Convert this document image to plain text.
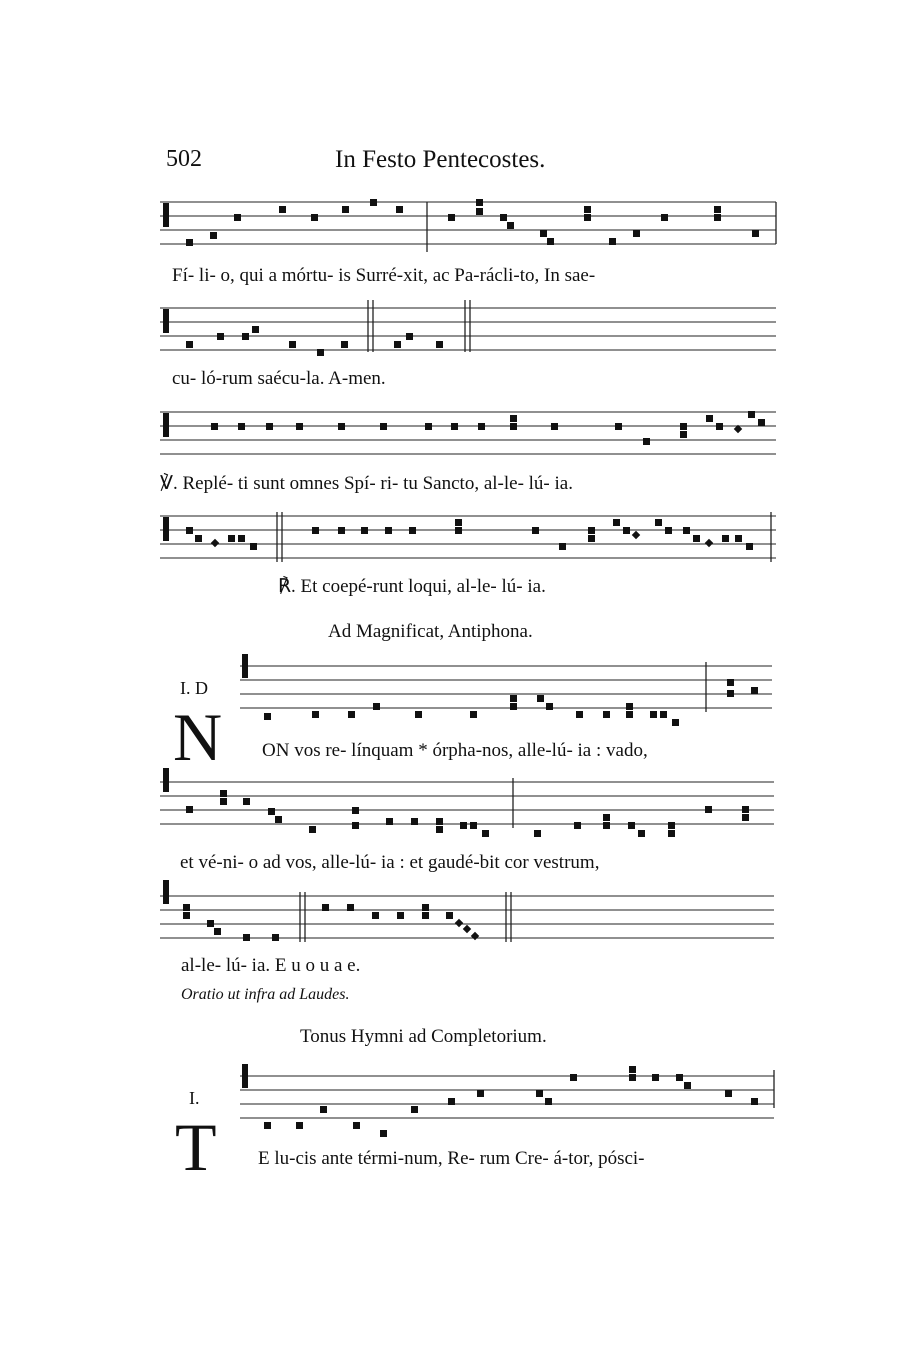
502	In Festo Pentecostes.
Fí- li- o, qui a mórtu- is Surré-xit, ac Pa-rácli-to, In sae-
cu- ló-rum saécu-la. A-men.
℣. Replé- ti sunt omnes Spí- ri- tu Sancto, al-le- lú- ia.
℟. Et coepé-runt loqui, al-le- lú- ia.
Ad Magnificat, Antiphona.
I. D
N ON vos re- línquam * órpha-nos, alle-lú- ia : vado,
et vé-ni- o ad vos, alle-lú- ia : et gaudé-bit cor vestrum,
al-le- lú- ia. E u o u a e.
Oratio ut infra ad Laudes.
Tonus Hymni ad Completorium.
I.
T E lu-cis ante térmi-num, Re- rum Cre- á-tor, pósci-
